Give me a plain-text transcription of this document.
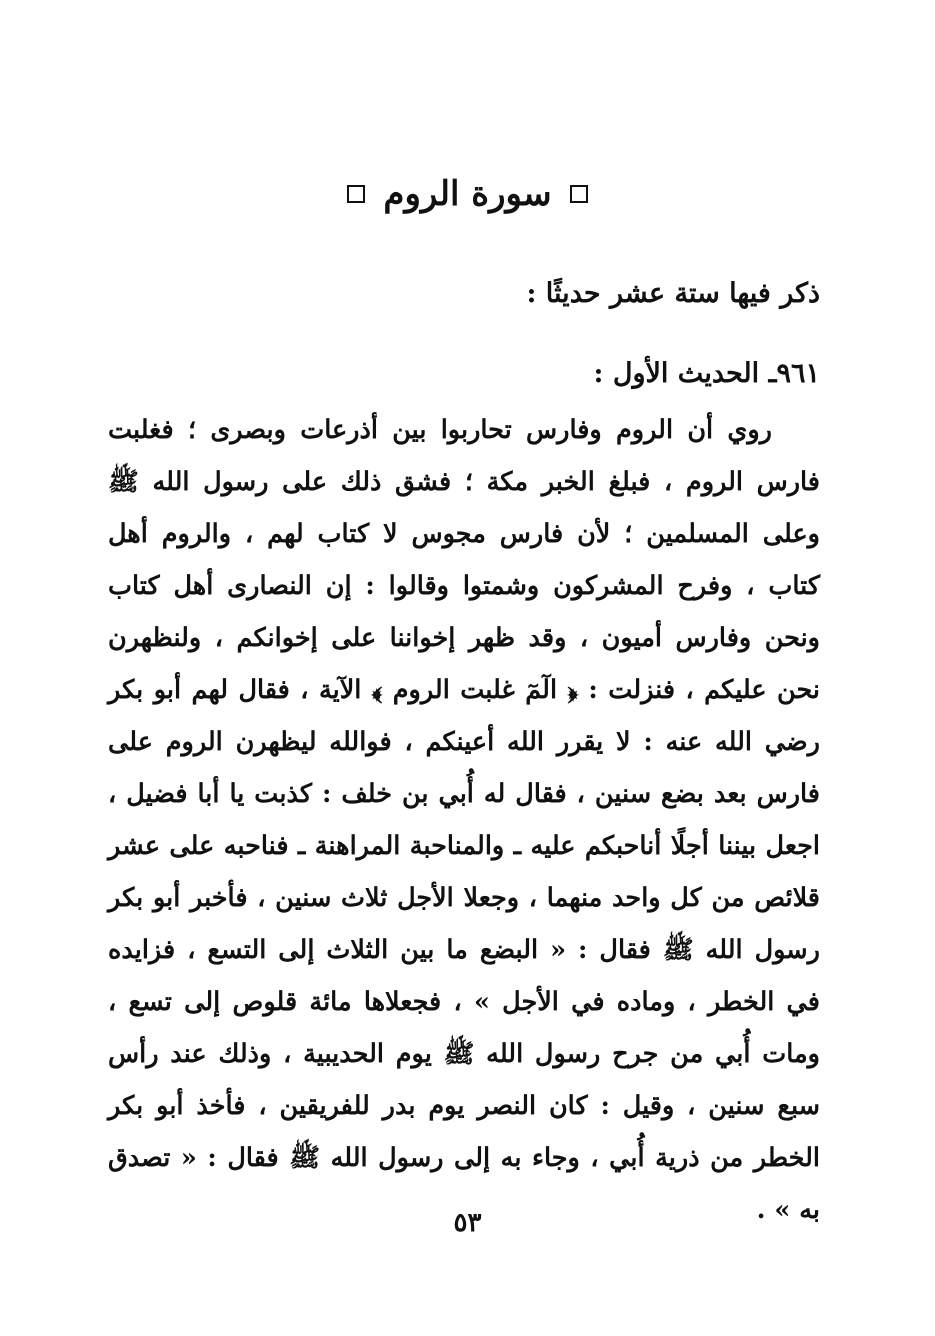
سورة الروم
ذكر فيها ستة عشر حديثًا :
٩٦١ـ الحديث الأول :

روي أن الروم وفارس تحاربوا بين أذرعات وبصرى ؛ فغلبت فارس الروم ، فبلغ الخبر مكة ؛ فشق ذلك على رسول الله ﷺ وعلى المسلمين ؛ لأن فارس مجوس لا كتاب لهم ، والروم أهل كتاب ، وفرح المشركون وشمتوا وقالوا : إن النصارى أهل كتاب ونحن وفارس أميون ، وقد ظهر إخواننا على إخوانكم ، ولنظهرن نحن عليكم ، فنزلت : ﴿ الٓمٓ غلبت الروم ﴾ الآية ، فقال لهم أبو بكر رضي الله عنه : لا يقرر الله أعينكم ، فوالله ليظهرن الروم على فارس بعد بضع سنين ، فقال له أُبي بن خلف : كذبت يا أبا فضيل ، اجعل بيننا أجلًا أناحبكم عليه ـ والمناحبة المراهنة ـ فناحبه على عشر قلائص من كل واحد منهما ، وجعلا الأجل ثلاث سنين ، فأخبر أبو بكر رسول الله ﷺ فقال : « البضع ما بين الثلاث إلى التسع ، فزايده في الخطر ، وماده في الأجل » ، فجعلاها مائة قلوص إلى تسع ، ومات أُبي من جرح رسول الله ﷺ يوم الحديبية ، وذلك عند رأس سبع سنين ، وقيل : كان النصر يوم بدر للفريقين ، فأخذ أبو بكر الخطر من ذرية أُبي ، وجاء به إلى رسول الله ﷺ فقال : « تصدق به » .

٥٣
